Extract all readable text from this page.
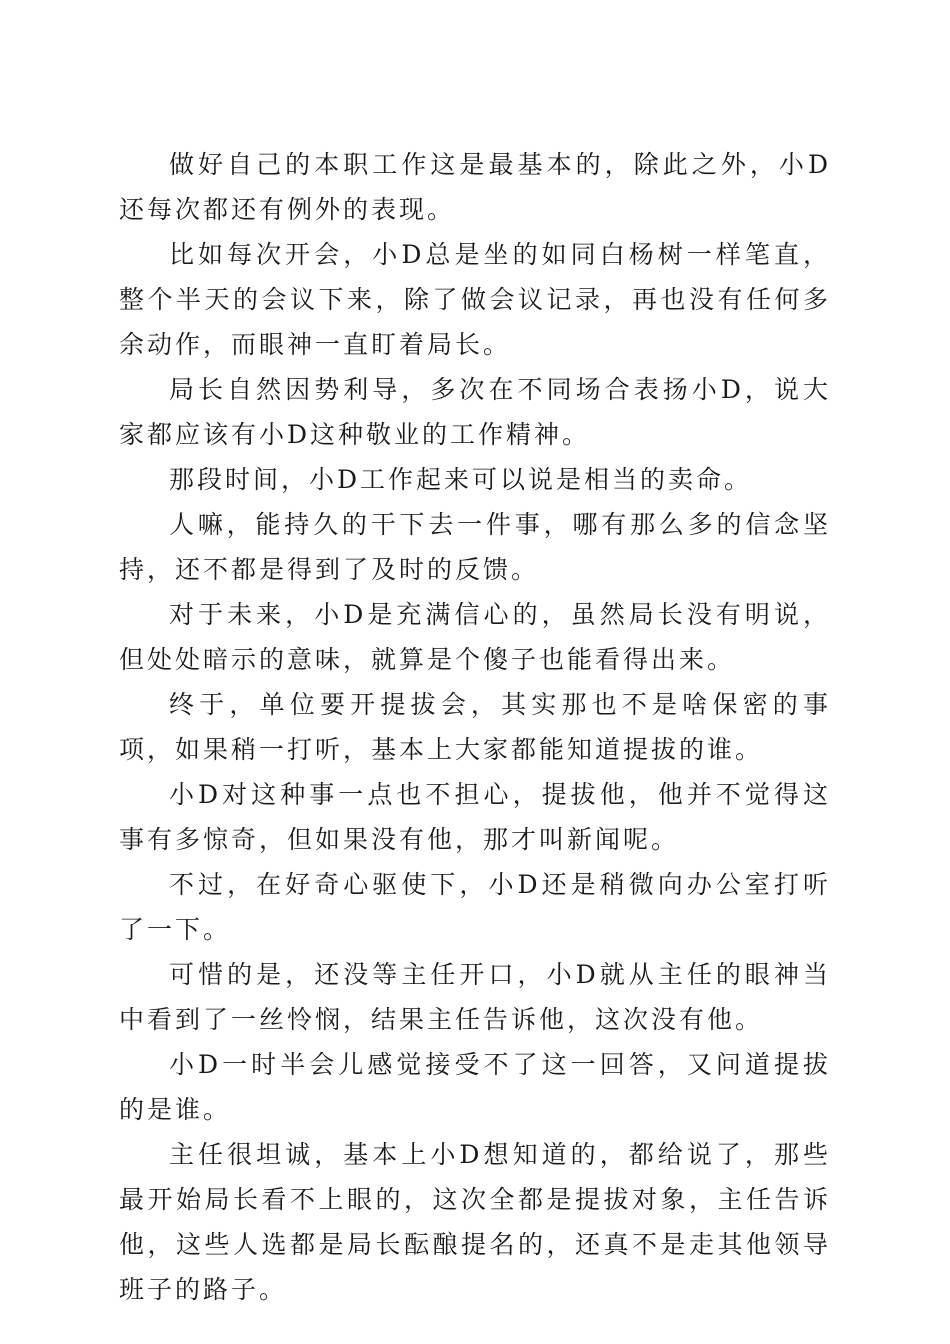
做好自己的本职工作这是最基本的，除此之外，小D还每次都还有例外的表现。

比如每次开会，小D总是坐的如同白杨树一样笔直，整个半天的会议下来，除了做会议记录，再也没有任何多余动作，而眼神一直盯着局长。

局长自然因势利导，多次在不同场合表扬小D，说大家都应该有小D这种敬业的工作精神。

那段时间，小D工作起来可以说是相当的卖命。

人嘛，能持久的干下去一件事，哪有那么多的信念坚持，还不都是得到了及时的反馈。

对于未来，小D是充满信心的，虽然局长没有明说，但处处暗示的意味，就算是个傻子也能看得出来。

终于，单位要开提拔会，其实那也不是啥保密的事项，如果稍一打听，基本上大家都能知道提拔的谁。

小D对这种事一点也不担心，提拔他，他并不觉得这事有多惊奇，但如果没有他，那才叫新闻呢。

不过，在好奇心驱使下，小D还是稍微向办公室打听了一下。

可惜的是，还没等主任开口，小D就从主任的眼神当中看到了一丝怜悯，结果主任告诉他，这次没有他。

小D一时半会儿感觉接受不了这一回答，又问道提拔的是谁。

主任很坦诚，基本上小D想知道的，都给说了，那些最开始局长看不上眼的，这次全都是提拔对象，主任告诉他，这些人选都是局长酝酿提名的，还真不是走其他领导班子的路子。
